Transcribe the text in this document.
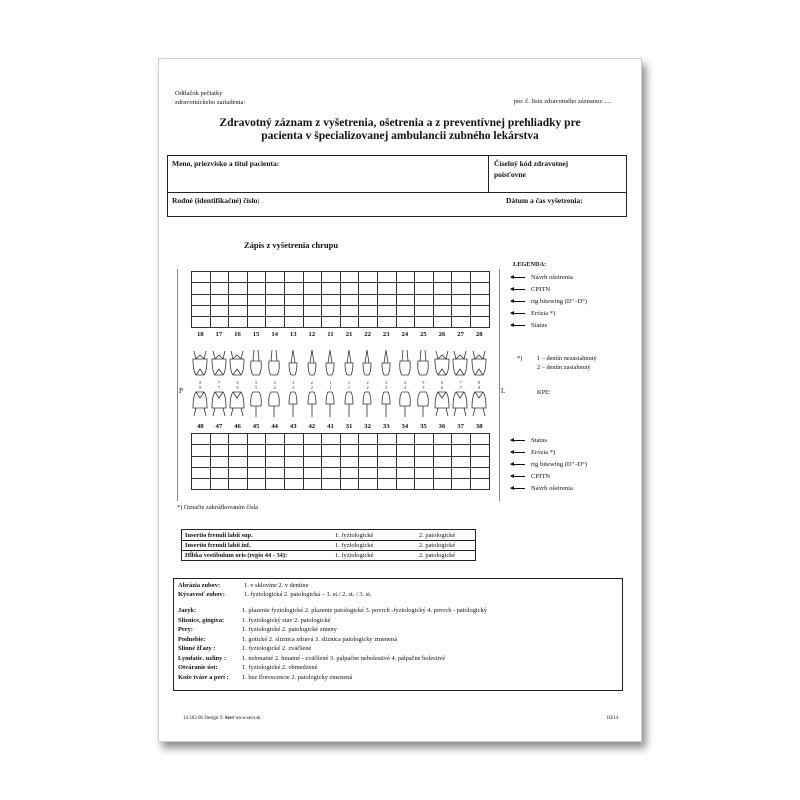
Odtlačok pečiatky
zdravotníckeho zariadenia:	por. č. listu zdravotného záznamu: ....
Zdravotný záznam z vyšetrenia, ošetrenia a z preventívnej prehliadky pre
pacienta v špecializovanej ambulancii zubného lekárstva
Meno, priezvisko a titul pacienta:	Číselný kód zdravotnej
poisťovne
Rodné (identifikačné) číslo:	Dátum a čas vyšetrenia:
Zápis z vyšetrenia chrupu
18	17	16	15	14	13	12	11	21	22	23	24	25	26	27	28
8	7	6	5	4	3	2	1	1	2	3	4	5	6	7	8
8	7	6	5	4	3	2	1	1	2	3	4	5	6	7	8
48	47	46	45	44	43	42	41	31	32	33	34	35	36	37	38
P	L
LEGENDA:
Návrh ošetrenia
CPITN
rtg bitewing (D⁺-D°)
Erózia *)
Status
*) 1 – dentín nezasiahnutý
2 – dentín zasiahnutý
KPE:
Status
Erózia *)
rtg bitewing (D⁺-D°)
CPITN
Návrh ošetrenia
*) Označte zakrúžkovaním čísla
Insertio frenuli labii sup.	1. fyziologické	2. patologické
Insertio frenuli labii inf.	1. fyziologické	2. patologické
Hĺbka vestibulum oris (regio 44 - 34):	1. fyziologické	2. patologické
Abrázia zubov:	1. v sklovine 2. v dentíne
Kývavosť zubov:	1. fyziologická 2. patologická – 1. st./ 2. st. / 3. st.
Jazyk:	1. plazenie fyziologické 2. plazenie patologické 3. povrch -fyziologický 4. povrch - patologický
Sliznice, gingíva:	1. fyziologický stav 2. patologické
Pery:	1. fyziologické 2. patologické zmeny
Podnebie:	1. gotické 2. sliznica zdravá 3. sliznica patologicky zmenená
Slinné žľazy :	1. fyziologické 2. zväčšené
Lymfatic. uzliny : 1. nehmatné 2. hmatné - zväčšené 3. palpačne nebolestivé 4. palpačne bolestivé
Otváranie úst:	1. fyziologické 2. obmedzené
Kože tváre a perí : 1. bez florescencie 2. patologicky zmenená
14 563 0b Design © Sevt www.sevt.sk	III/14
